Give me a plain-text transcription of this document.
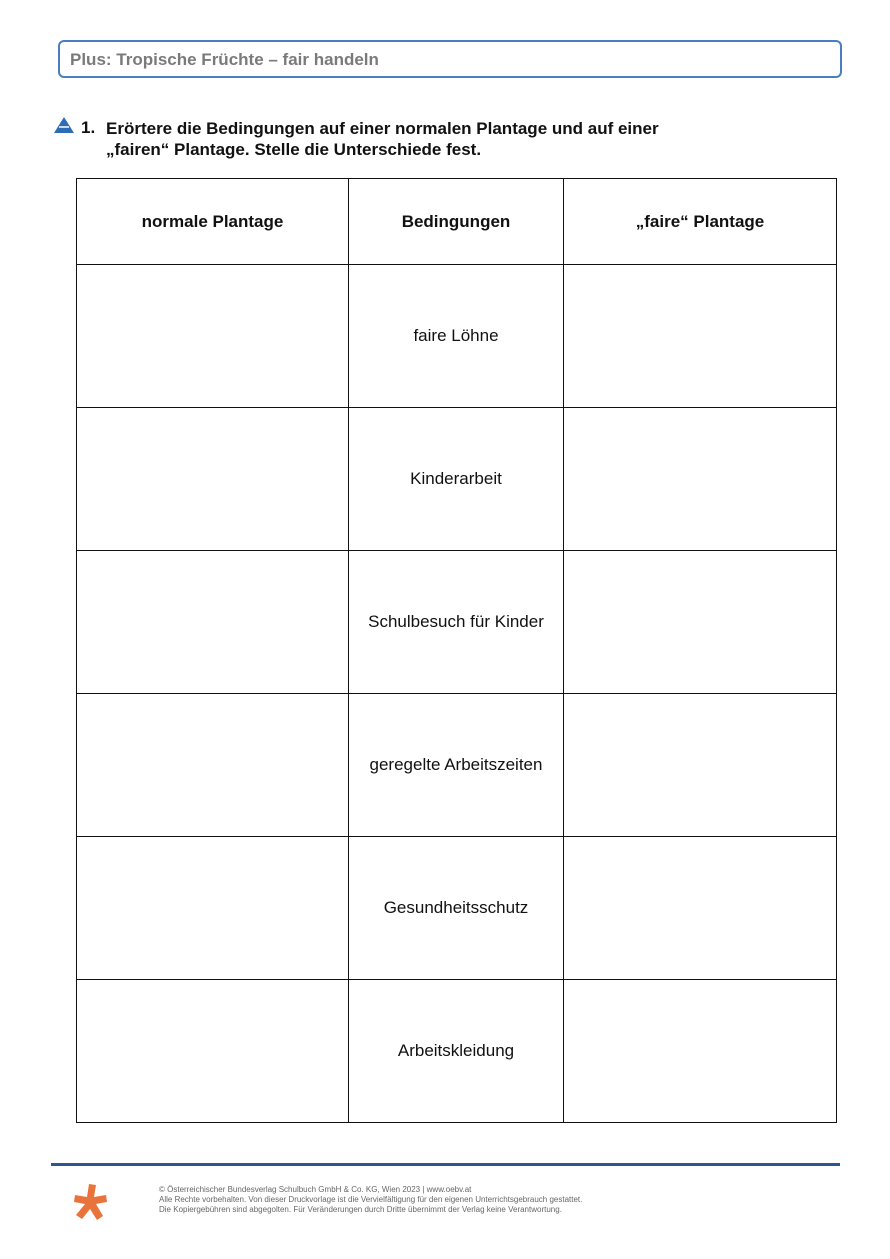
Plus: Tropische Früchte – fair handeln
1. Erörtere die Bedingungen auf einer normalen Plantage und auf einer
„fairen“ Plantage. Stelle die Unterschiede fest.
normale Plantage	Bedingungen	„faire“ Plantage
	faire Löhne	
	Kinderarbeit	
	Schulbesuch für Kinder	
	geregelte Arbeitszeiten	
	Gesundheitsschutz	
	Arbeitskleidung	
© Österreichischer Bundesverlag Schulbuch GmbH & Co. KG, Wien 2023 | www.oebv.at
Alle Rechte vorbehalten. Von dieser Druckvorlage ist die Vervielfältigung für den eigenen Unterrichtsgebrauch gestattet.
Die Kopiergebühren sind abgegolten. Für Veränderungen durch Dritte übernimmt der Verlag keine Verantwortung.
